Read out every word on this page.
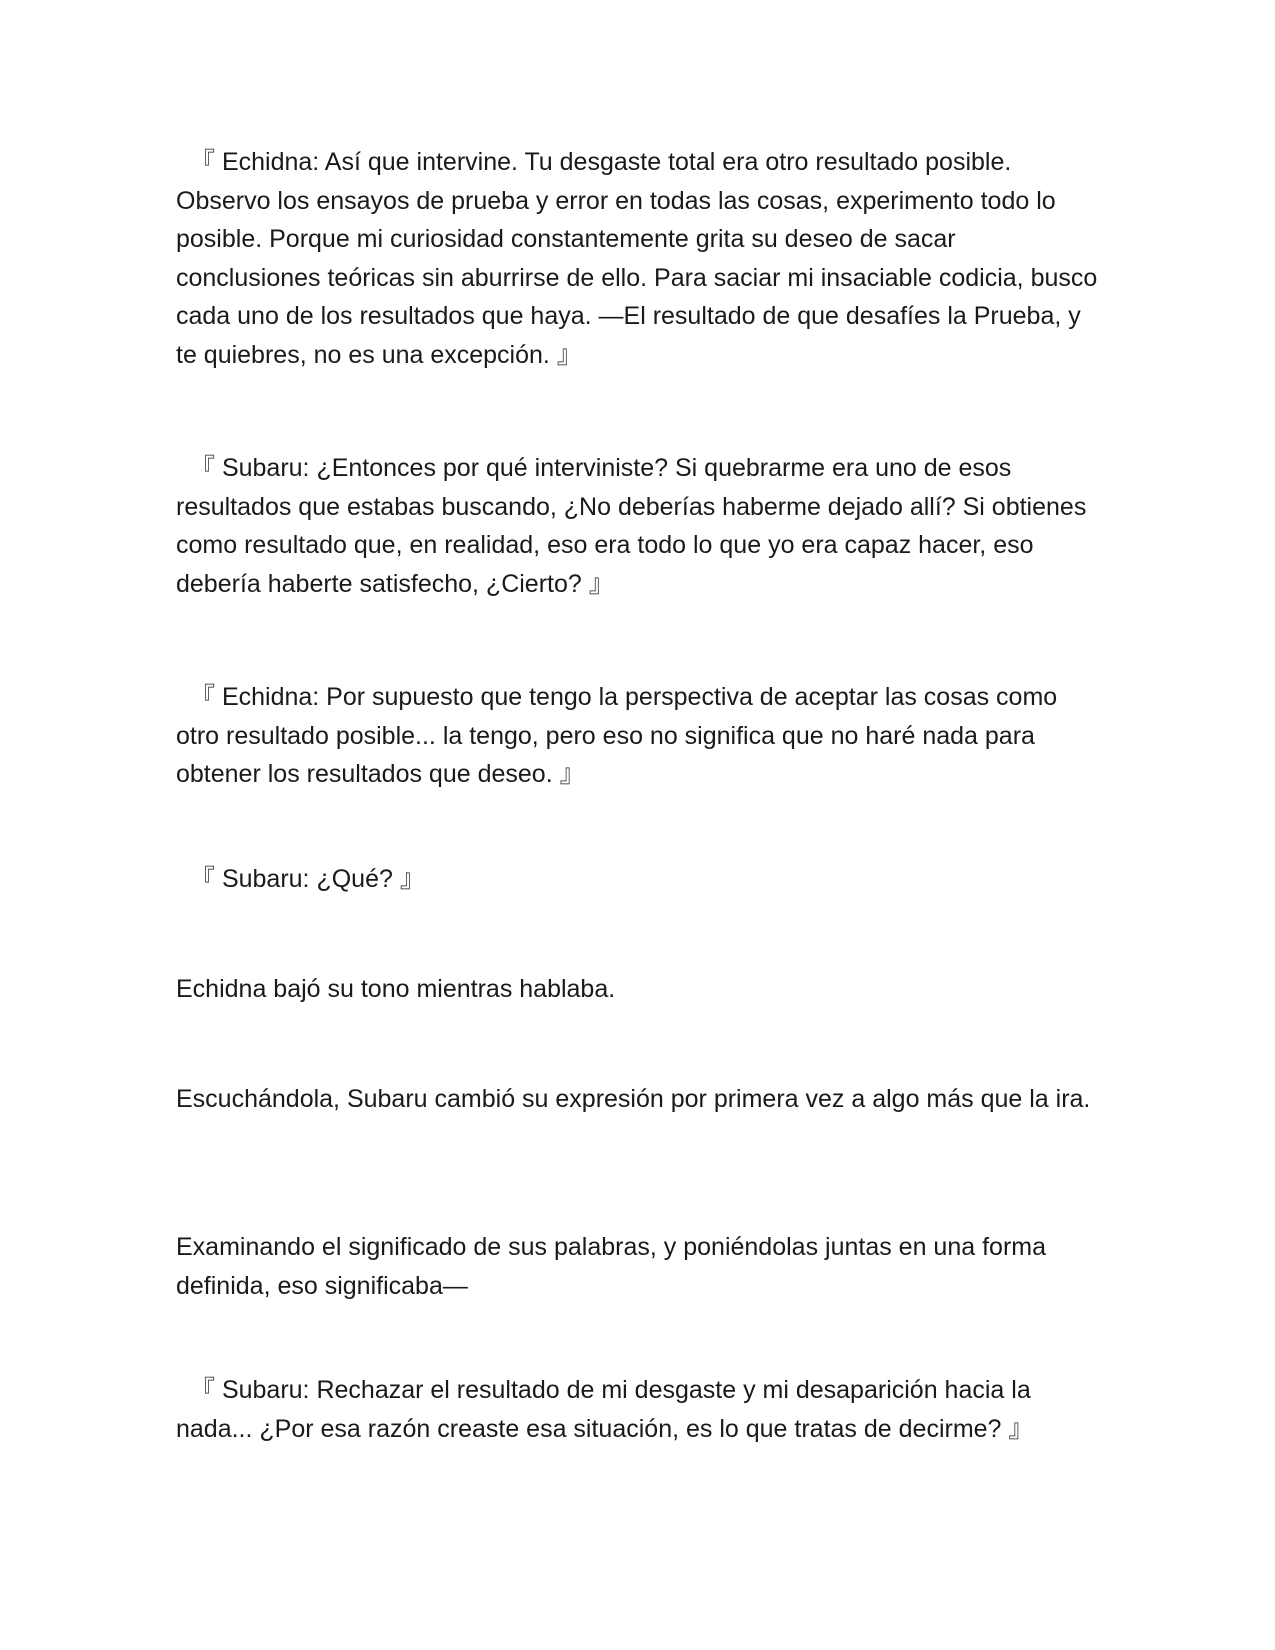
『 Echidna: Así que intervine. Tu desgaste total era otro resultado posible. Observo los ensayos de prueba y error en todas las cosas, experimento todo lo posible. Porque mi curiosidad constantemente grita su deseo de sacar conclusiones teóricas sin aburrirse de ello. Para saciar mi insaciable codicia, busco cada uno de los resultados que haya. —El resultado de que desafíes la Prueba, y te quiebres, no es una excepción. 』

『 Subaru: ¿Entonces por qué interviniste? Si quebrarme era uno de esos resultados que estabas buscando, ¿No deberías haberme dejado allí? Si obtienes como resultado que, en realidad, eso era todo lo que yo era capaz hacer, eso debería haberte satisfecho, ¿Cierto? 』

『 Echidna: Por supuesto que tengo la perspectiva de aceptar las cosas como otro resultado posible... la tengo, pero eso no significa que no haré nada para obtener los resultados que deseo. 』

『 Subaru: ¿Qué? 』

Echidna bajó su tono mientras hablaba.

Escuchándola, Subaru cambió su expresión por primera vez a algo más que la ira.

Examinando el significado de sus palabras, y poniéndolas juntas en una forma definida, eso significaba—

『 Subaru: Rechazar el resultado de mi desgaste y mi desaparición hacia la nada... ¿Por esa razón creaste esa situación, es lo que tratas de decirme? 』
